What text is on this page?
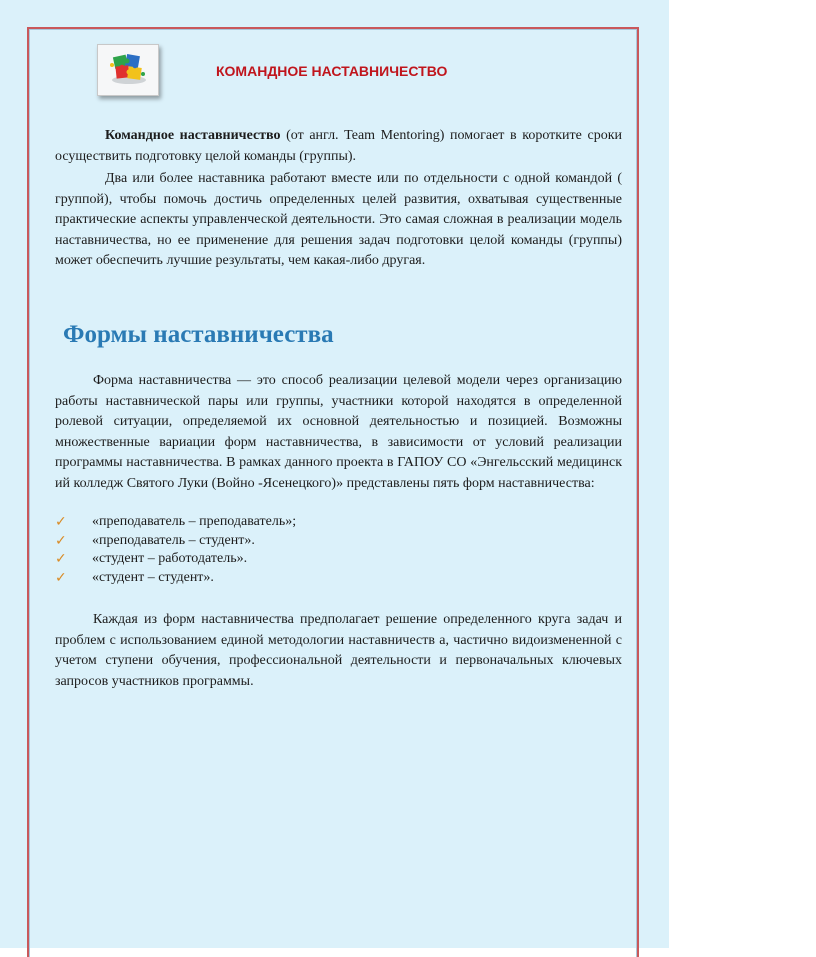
КОМАНДНОЕ НАСТАВНИЧЕСТВО

Командное наставничество (от англ. Team Mentoring) помогает в коротките сроки осуществить подготовку целой команды (группы).

Два или более наставника работают вместе или по отдельности с одной командой ( группой), чтобы помочь достичь определенных целей развития, охватывая существенные практические аспекты управленческой деятельности. Это самая сложная в реализации модель наставничества, но ее применение для решения задач подготовки целой команды (группы) может обеспечить лучшие результаты, чем какая-либо другая.

Формы наставничества

Форма наставничества — это способ реализации целевой модели через организацию работы наставнической пары или группы, участники которой находятся в определенной ролевой ситуации, определяемой их основной деятельностью и позицией. Возможны множественные вариации форм наставничества, в зависимости от условий реализации программы наставничества. В рамках данного проекта в ГАПОУ СО «Энгельсский медицинск ий колледж Святого Луки (Войно -Ясенецкого)» представлены пять форм наставничества:

✓ «преподаватель – преподаватель»;
✓ «преподаватель – студент».
✓ «студент – работодатель».
✓ «студент – студент».

Каждая из форм наставничества предполагает решение определенного круга задач и проблем с использованием единой методологии наставничеств а, частично видоизмененной с учетом ступени обучения, профессиональной деятельности и первоначальных ключевых запросов участников программы.
